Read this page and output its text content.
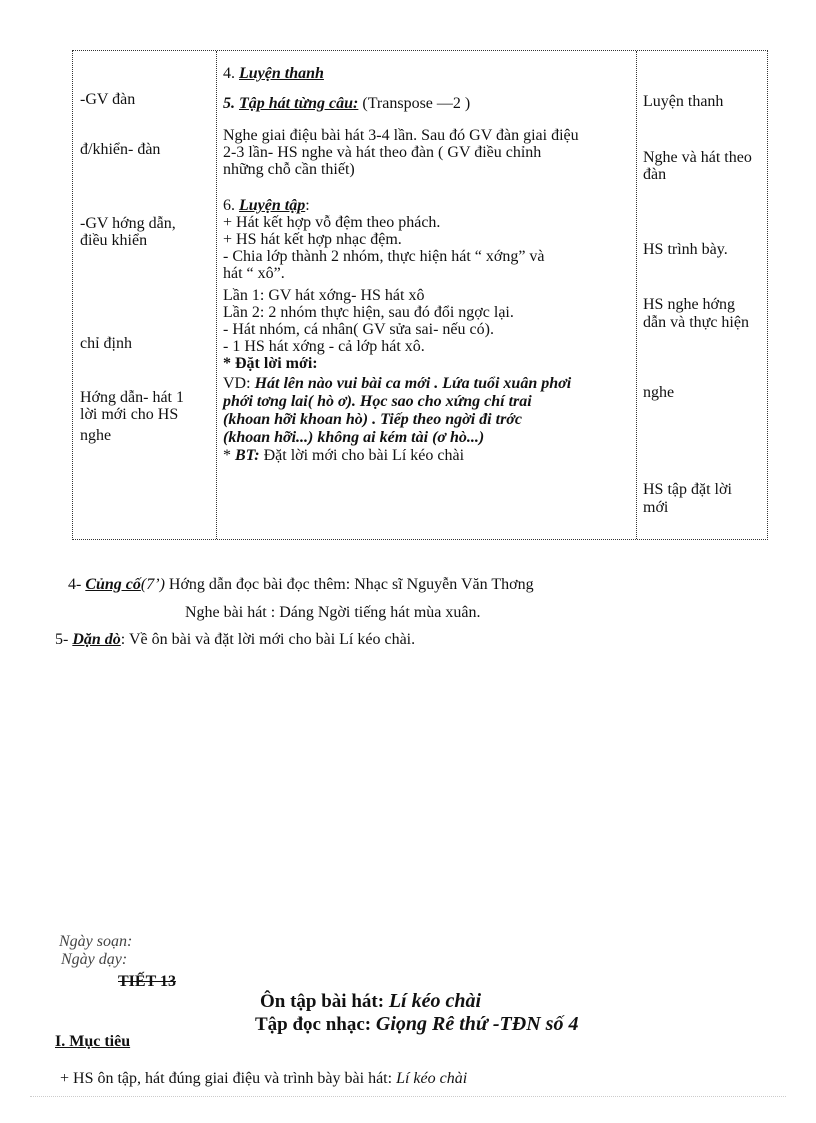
-GV đàn
đ/khiển- đàn
-GV hớng dẫn,
điều khiển
chỉ định
Hớng dẫn- hát 1
lời mới cho HS
nghe
4. Luyện thanh
5. Tập hát từng câu: (Transpose —2 )
Nghe giai điệu bài hát 3-4 lần. Sau đó GV đàn giai điệu
2-3 lần- HS nghe và hát theo đàn ( GV điều chỉnh
những chỗ cần thiết)
6. Luyện tập:
+ Hát kết hợp vỗ đệm theo phách.
+ HS hát kết hợp nhạc đệm.
- Chia lớp thành 2 nhóm, thực hiện hát “ xớng” và
hát “ xô”.
Lần 1: GV hát xớng- HS hát xô
Lần 2: 2 nhóm thực hiện, sau đó đổi ngợc lại.
- Hát nhóm, cá nhân( GV sửa sai- nếu có).
- 1 HS hát xớng - cả lớp hát xô.
* Đặt lời mới:
VD: Hát lên nào vui bài ca mới . Lứa tuổi xuân phơi
phới tơng lai( hò ơ). Học sao cho xứng chí trai
(khoan hỡi khoan hò) . Tiếp theo ngời đi trớc
(khoan hỡi...) không ai kém tài (ơ hò...)
* BT: Đặt lời mới cho bài Lí kéo chài
Luyện thanh
Nghe và hát theo
đàn
HS trình bày.
HS nghe hớng
dẫn và thực hiện
nghe
HS tập đặt lời
mới
4- Củng cố(7’) Hớng dẫn đọc bài đọc thêm: Nhạc sĩ Nguyễn Văn Thơng
Nghe bài hát : Dáng Ngời tiếng hát mùa xuân.
5- Dặn dò: Về ôn bài và đặt lời mới cho bài Lí kéo chài.
Ngày soạn:
Ngày dạy:
TIẾT 13
Ôn tập bài hát: Lí kéo chài
Tập đọc nhạc: Giọng Rê thứ -TĐN số 4
I. Mục tiêu
+ HS ôn tập, hát đúng giai điệu và trình bày bài hát: Lí kéo chài
